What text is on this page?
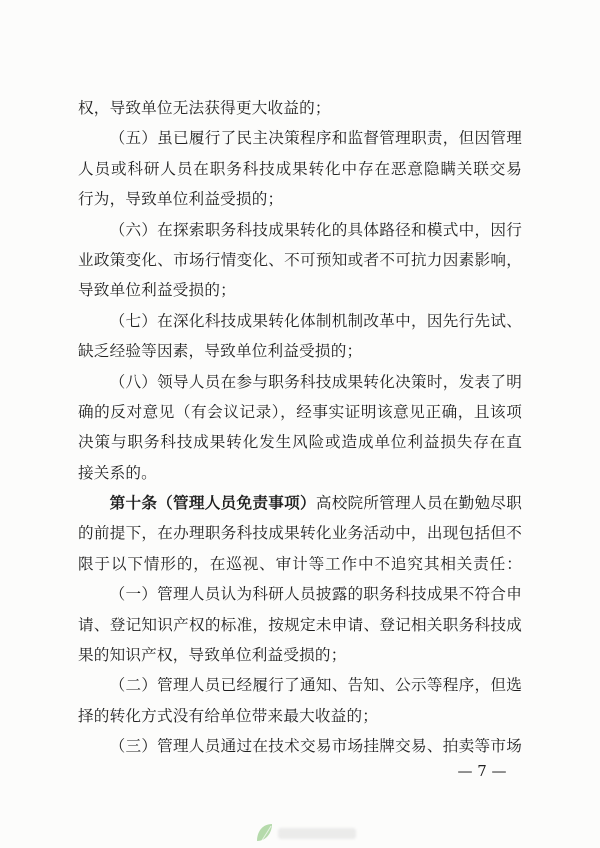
权，导致单位无法获得更大收益的；
（五）虽已履行了民主决策程序和监督管理职责，但因管理
人员或科研人员在职务科技成果转化中存在恶意隐瞒关联交易
行为，导致单位利益受损的；
（六）在探索职务科技成果转化的具体路径和模式中，因行
业政策变化、市场行情变化、不可预知或者不可抗力因素影响，
导致单位利益受损的；
（七）在深化科技成果转化体制机制改革中，因先行先试、
缺乏经验等因素，导致单位利益受损的；
（八）领导人员在参与职务科技成果转化决策时，发表了明
确的反对意见（有会议记录），经事实证明该意见正确，且该项
决策与职务科技成果转化发生风险或造成单位利益损失存在直
接关系的。
第十条（管理人员免责事项）高校院所管理人员在勤勉尽职
的前提下，在办理职务科技成果转化业务活动中，出现包括但不
限于以下情形的，在巡视、审计等工作中不追究其相关责任：
（一）管理人员认为科研人员披露的职务科技成果不符合申
请、登记知识产权的标准，按规定未申请、登记相关职务科技成
果的知识产权，导致单位利益受损的；
（二）管理人员已经履行了通知、告知、公示等程序，但选
择的转化方式没有给单位带来最大收益的；
（三）管理人员通过在技术交易市场挂牌交易、拍卖等市场
— 7 —
